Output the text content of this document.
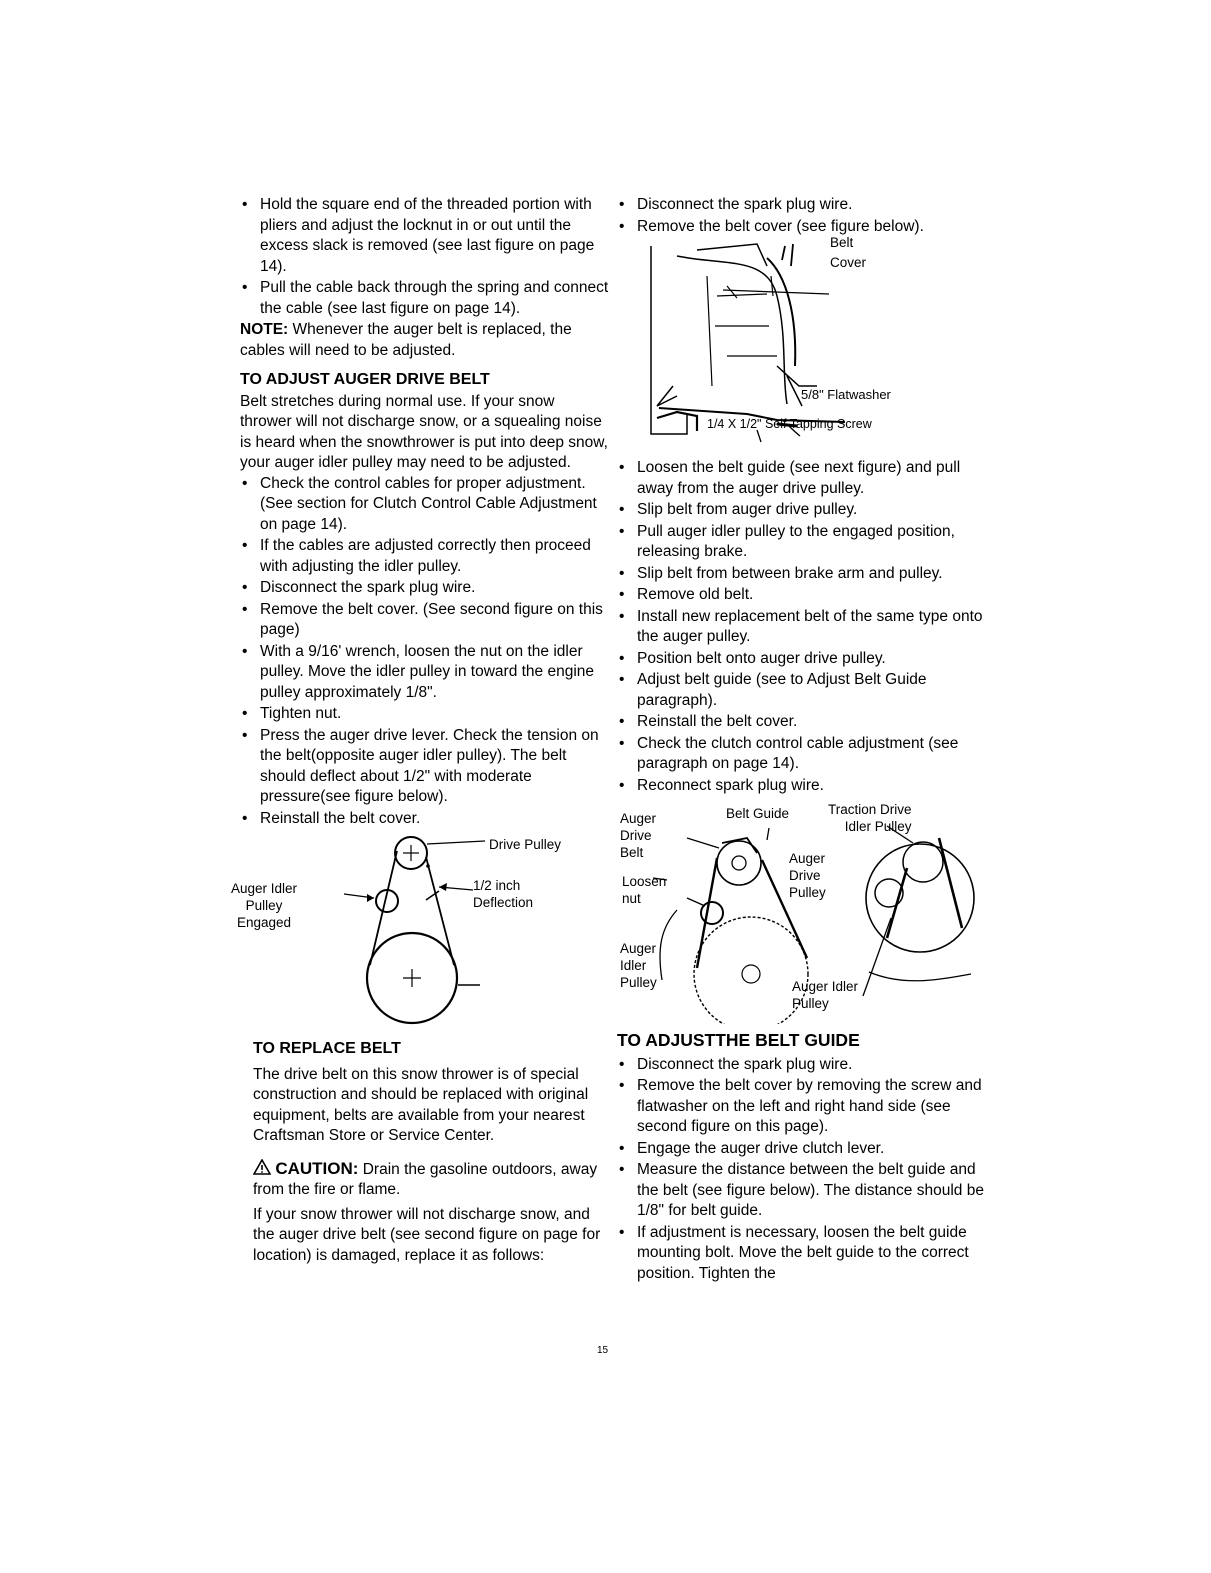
• Hold the square end of the threaded portion with pliers and adjust the locknut in or out until the excess slack is removed (see last figure on page 14).
• Pull the cable back through the spring and connect the cable (see last figure on page 14).

NOTE: Whenever the auger belt is replaced, the cables will need to be adjusted.

TO ADJUST AUGER DRIVE BELT

Belt stretches during normal use. If your snow thrower will not discharge snow, or a squealing noise is heard when the snowthrower is put into deep snow, your auger idler pulley may need to be adjusted.

• Check the control cables for proper adjustment. (See section for Clutch Control Cable Adjustment on page 14).
• If the cables are adjusted correctly then proceed with adjusting the idler pulley.
• Disconnect the spark plug wire.
• Remove the belt cover. (See second figure on this page)
• With a 9/16' wrench, loosen the nut on the idler pulley. Move the idler pulley in toward the engine pulley approximately 1/8".
• Tighten nut.
• Press the auger drive lever. Check the tension on the belt(opposite auger idler pulley). The belt should deflect about 1/2" with moderate pressure(see figure below).
• Reinstall the belt cover.
Drive Pulley
1/2 inch
Deflection
Auger Idler
Pulley
Engaged
TO REPLACE BELT

The drive belt on this snow thrower is of special construction and should be replaced with original equipment, belts are available from your nearest Craftsman Store or Service Center.

CAUTION: Drain the gasoline outdoors, away from the fire or flame.

If your snow thrower will not discharge snow, and the auger drive belt (see second figure on page for location) is damaged, replace it as follows:

• Disconnect the spark plug wire.
• Remove the belt cover (see figure below).
Belt
Cover
5/8" Flatwasher
1/4 X 1/2" Self Tapping Screw
• Loosen the belt guide (see next figure) and pull away from the auger drive pulley.
• Slip belt from auger drive pulley.
• Pull auger idler pulley to the engaged position, releasing brake.
• Slip belt from between brake arm and pulley.
• Remove old belt.
• Install new replacement belt of the same type onto the auger pulley.
• Position belt onto auger drive pulley.
• Adjust belt guide (see to Adjust Belt Guide paragraph).
• Reinstall the belt cover.
• Check the clutch control cable adjustment (see paragraph on page 14).
• Reconnect spark plug wire.
Auger
Drive
Belt
Belt Guide	Traction Drive
Idler Pulley
Auger
Drive
Pulley
Loosen
nut
Auger
Idler
Pulley	Auger Idler
Pulley
TO ADJUSTTHE BELT GUIDE
• Disconnect the spark plug wire.
• Remove the belt cover by removing the screw and flatwasher on the left and right hand side (see second figure on this page).
• Engage the auger drive clutch lever.
• Measure the distance between the belt guide and the belt (see figure below). The distance should be 1/8" for belt guide.
• If adjustment is necessary, loosen the belt guide mounting bolt. Move the belt guide to the correct position. Tighten the
15
